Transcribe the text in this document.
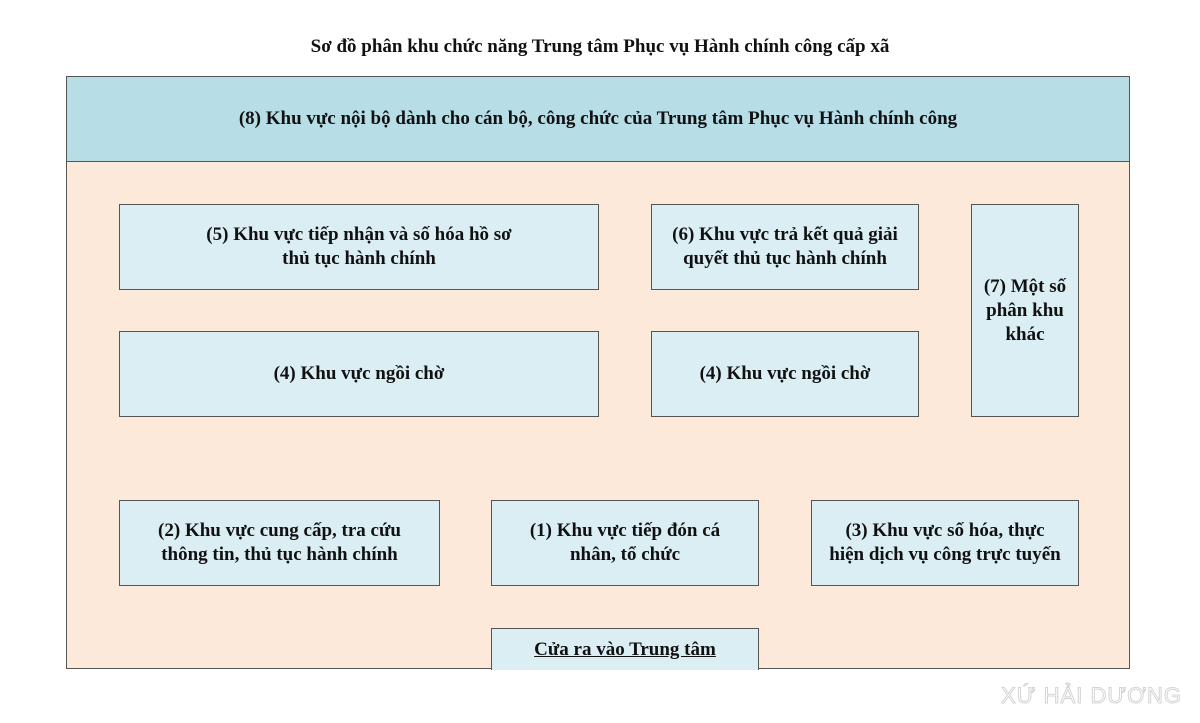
Sơ đồ phân khu chức năng Trung tâm Phục vụ Hành chính công cấp xã
(8) Khu vực nội bộ dành cho cán bộ, công chức của Trung tâm Phục vụ Hành chính công
(5) Khu vực tiếp nhận và số hóa hồ sơ
thủ tục hành chính
(6) Khu vực trả kết quả giải
quyết thủ tục hành chính
(7) Một số
phân khu
khác
(4) Khu vực ngồi chờ	(4) Khu vực ngồi chờ
(2) Khu vực cung cấp, tra cứu
thông tin, thủ tục hành chính
(1) Khu vực tiếp đón cá
nhân, tổ chức
(3) Khu vực số hóa, thực
hiện dịch vụ công trực tuyến
Cửa ra vào Trung tâm
XỨ HẢI DƯƠNG
